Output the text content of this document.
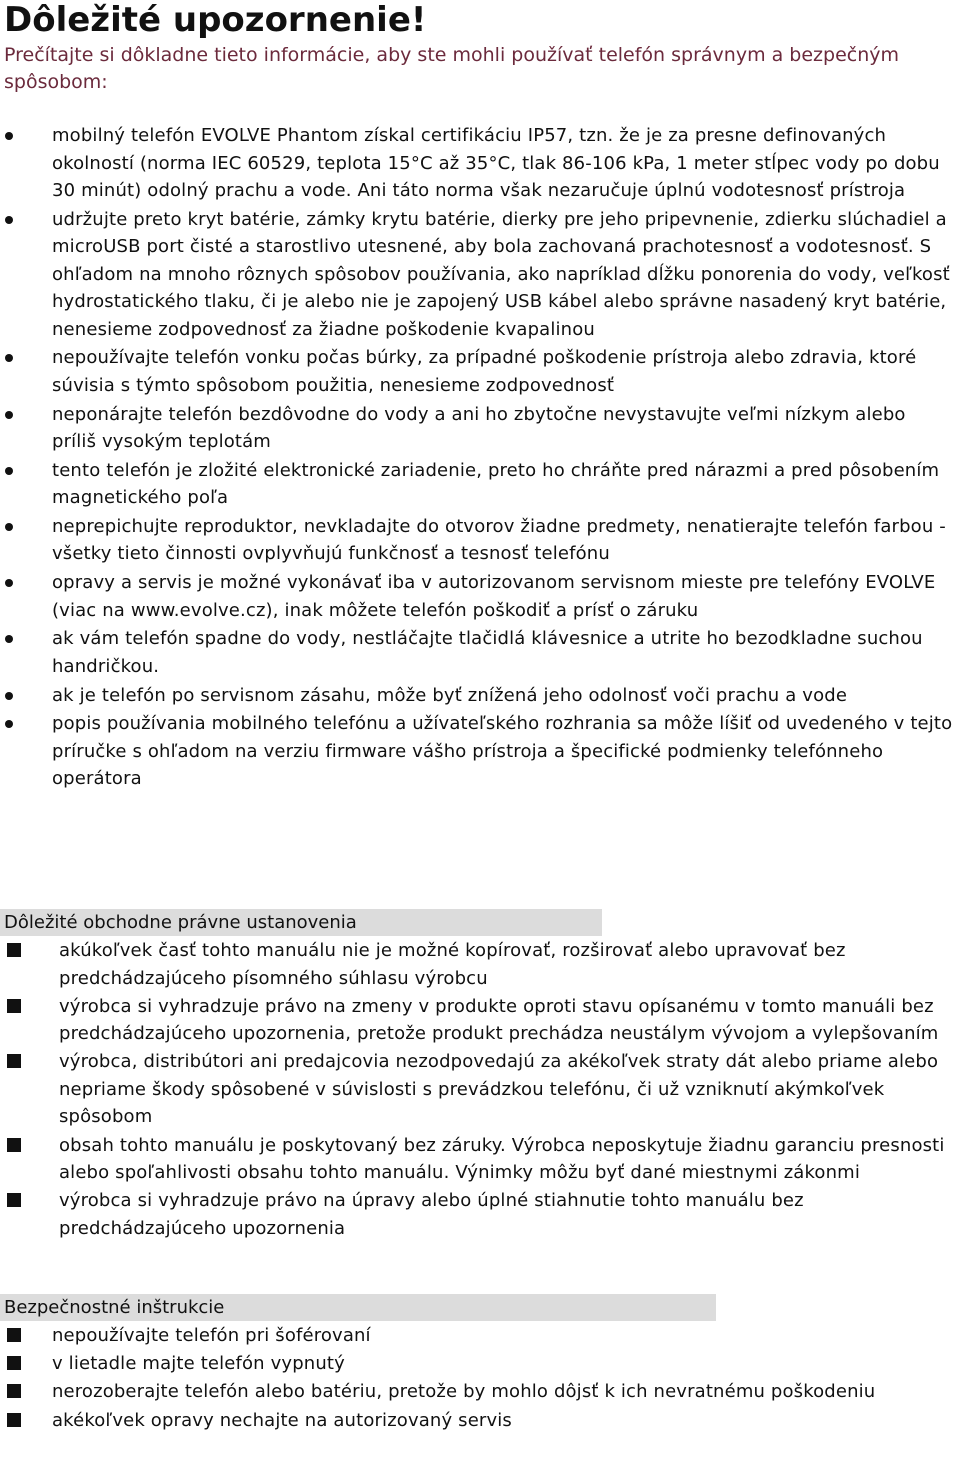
Dôležité upozornenie!

Prečítajte si dôkladne tieto informácie, aby ste mohli používať telefón správnym a bezpečným spôsobom:

mobilný telefón EVOLVE Phantom získal certifikáciu IP57, tzn. že je za presne definovaných okolností (norma IEC 60529, teplota 15°C až 35°C, tlak 86-106 kPa, 1 meter stĺpec vody po dobu 30 minút) odolný prachu a vode. Ani táto norma však nezaručuje úplnú vodotesnosť prístroja
udržujte preto kryt batérie, zámky krytu batérie, dierky pre jeho pripevnenie, zdierku slúchadiel a microUSB port čisté a starostlivo utesnené, aby bola zachovaná prachotesnosť a vodotesnosť. S ohľadom na mnoho rôznych spôsobov používania, ako napríklad dĺžku ponorenia do vody, veľkosť hydrostatického tlaku, či je alebo nie je zapojený USB kábel alebo správne nasadený kryt batérie, nenesieme zodpovednosť za žiadne poškodenie kvapalinou
nepoužívajte telefón vonku počas búrky, za prípadné poškodenie prístroja alebo zdravia, ktoré súvisia s týmto spôsobom použitia, nenesieme zodpovednosť
neponárajte telefón bezdôvodne do vody a ani ho zbytočne nevystavujte veľmi nízkym alebo príliš vysokým teplotám
tento telefón je zložité elektronické zariadenie, preto ho chráňte pred nárazmi a pred pôsobením magnetického poľa
neprepichujte reproduktor, nevkladajte do otvorov žiadne predmety, nenatierajte telefón farbou - všetky tieto činnosti ovplyvňujú funkčnosť a tesnosť telefónu
opravy a servis je možné vykonávať iba v autorizovanom servisnom mieste pre telefóny EVOLVE (viac na www.evolve.cz), inak môžete telefón poškodiť a prísť o záruku
ak vám telefón spadne do vody, nestláčajte tlačidlá klávesnice a utrite ho bezodkladne suchou handričkou.
ak je telefón po servisnom zásahu, môže byť znížená jeho odolnosť voči prachu a vode
popis používania mobilného telefónu a užívateľského rozhrania sa môže líšiť od uvedeného v tejto príručke s ohľadom na verziu firmware vášho prístroja a špecifické podmienky telefónneho operátora
Dôležité obchodne právne ustanovenia
akúkoľvek časť tohto manuálu nie je možné kopírovať, rozširovať alebo upravovať bez predchádzajúceho písomného súhlasu výrobcu
výrobca si vyhradzuje právo na zmeny v produkte oproti stavu opísanému v tomto manuáli bez predchádzajúceho upozornenia, pretože produkt prechádza neustálym vývojom a vylepšovaním
výrobca, distribútori ani predajcovia nezodpovedajú za akékoľvek straty dát alebo priame alebo nepriame škody spôsobené v súvislosti s prevádzkou telefónu, či už vzniknutí akýmkoľvek spôsobom
obsah tohto manuálu je poskytovaný bez záruky. Výrobca neposkytuje žiadnu garanciu presnosti alebo spoľahlivosti obsahu tohto manuálu. Výnimky môžu byť dané miestnymi zákonmi
výrobca si vyhradzuje právo na úpravy alebo úplné stiahnutie tohto manuálu bez predchádzajúceho upozornenia
Bezpečnostné inštrukcie
nepoužívajte telefón pri šoférovaní
v lietadle majte telefón vypnutý
nerozoberajte telefón alebo batériu, pretože by mohlo dôjsť k ich nevratnému poškodeniu
akékoľvek opravy nechajte na autorizovaný servis
